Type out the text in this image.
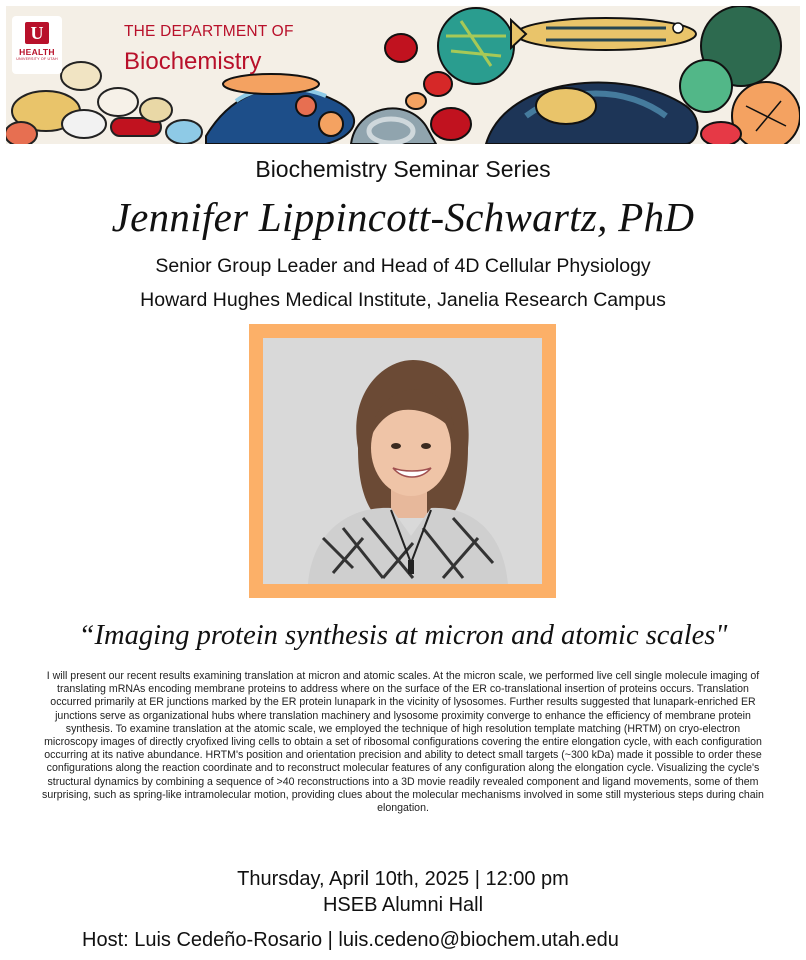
U
HEALTH
UNIVERSITY OF UTAH
THE DEPARTMENT OF
Biochemistry
Biochemistry Seminar Series
Jennifer Lippincott-Schwartz, PhD
Senior Group Leader and Head of 4D Cellular Physiology
Howard Hughes Medical Institute, Janelia Research Campus
“Imaging protein synthesis at micron and atomic scales"
I will present our recent results examining translation at micron and atomic scales. At the micron scale, we performed live cell single molecule imaging of translating mRNAs encoding membrane proteins to address where on the surface of the ER co-translational insertion of proteins occurs. Translation occurred primarily at ER junctions marked by the ER protein lunapark in the vicinity of lysosomes. Further results suggested that lunapark-enriched ER junctions serve as organizational hubs where translation machinery and lysosome proximity converge to enhance the efficiency of membrane protein synthesis. To examine translation at the atomic scale, we employed the technique of high resolution template matching (HRTM) on cryo-electron microscopy images of directly cryofixed living cells to obtain a set of ribosomal configurations covering the entire elongation cycle, with each configuration occurring at its native abundance. HRTM's position and orientation precision and ability to detect small targets (~300 kDa) made it possible to order these configurations along the reaction coordinate and to reconstruct molecular features of any configuration along the elongation cycle. Visualizing the cycle's structural dynamics by combining a sequence of >40 reconstructions into a 3D movie readily revealed component and ligand movements, some of them surprising, such as spring-like intramolecular motion, providing clues about the molecular mechanisms involved in some still mysterious steps during chain elongation.
Thursday, April 10th, 2025 | 12:00 pm
HSEB Alumni Hall
Host: Luis Cedeño-Rosario | luis.cedeno@biochem.utah.edu
